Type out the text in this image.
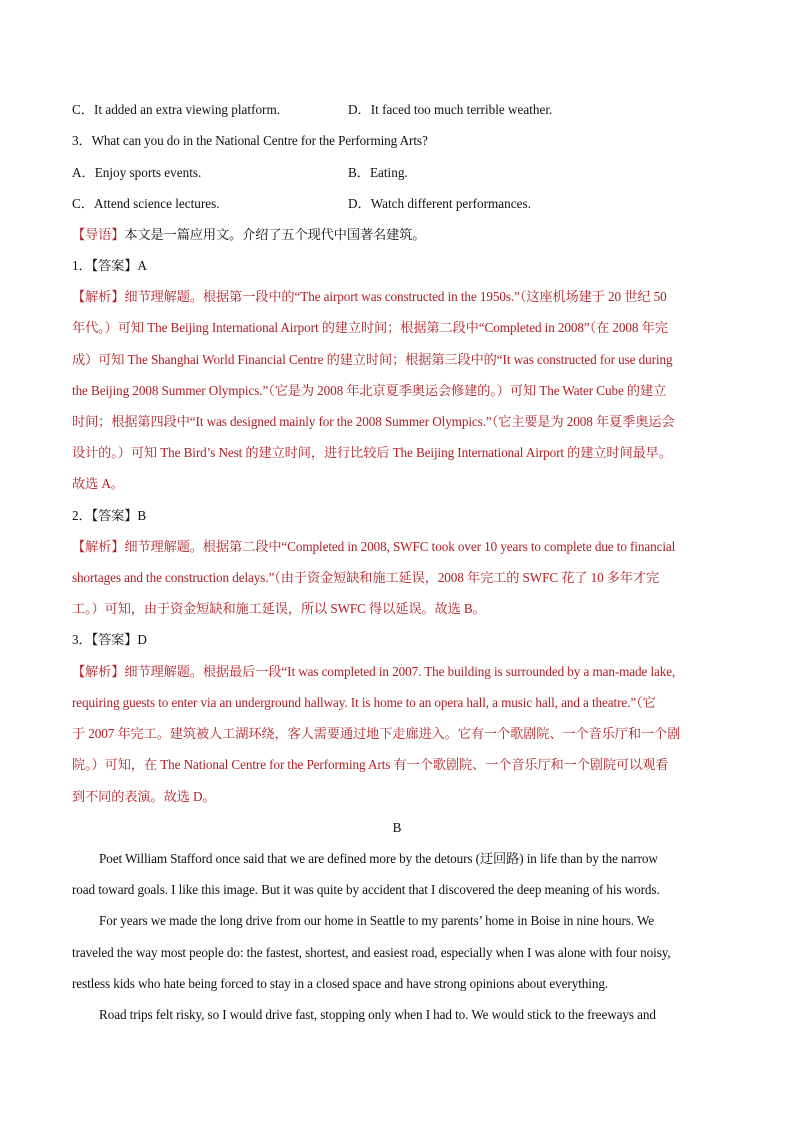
C．It added an extra viewing platform.	D．It faced too much terrible weather.
3．What can you do in the National Centre for the Performing Arts?
A．Enjoy sports events.	B．Eating.
C．Attend science lectures.	D．Watch different performances.
【导语】本文是一篇应用文。介绍了五个现代中国著名建筑。
1．【答案】A
【解析】细节理解题。根据第一段中的“The airport was constructed in the 1950s.”（这座机场建于 20 世纪 50
年代。）可知 The Beijing International Airport 的建立时间；根据第二段中“Completed in 2008”（在 2008 年完
成）可知 The Shanghai World Financial Centre 的建立时间；根据第三段中的“It was constructed for use during
the Beijing 2008 Summer Olympics.”（它是为 2008 年北京夏季奥运会修建的。）可知 The Water Cube 的建立
时间；根据第四段中“It was designed mainly for the 2008 Summer Olympics.”（它主要是为 2008 年夏季奥运会
设计的。）可知 The Bird’s Nest 的建立时间，进行比较后 The Beijing International Airport 的建立时间最早。
故选 A。
2．【答案】B
【解析】细节理解题。根据第二段中“Completed in 2008, SWFC took over 10 years to complete due to financial
shortages and the construction delays.”（由于资金短缺和施工延误，2008 年完工的 SWFC 花了 10 多年才完
工。）可知，由于资金短缺和施工延误，所以 SWFC 得以延误。故选 B。
3．【答案】D
【解析】细节理解题。根据最后一段“It was completed in 2007. The building is surrounded by a man-made lake,
requiring guests to enter via an underground hallway. It is home to an opera hall, a music hall, and a theatre.”（它
于 2007 年完工。建筑被人工湖环绕，客人需要通过地下走廊进入。它有一个歌剧院、一个音乐厅和一个剧
院。）可知，在 The National Centre for the Performing Arts 有一个歌剧院、一个音乐厅和一个剧院可以观看
到不同的表演。故选 D。
B
Poet William Stafford once said that we are defined more by the detours (迂回路) in life than by the narrow
road toward goals. I like this image. But it was quite by accident that I discovered the deep meaning of his words.
For years we made the long drive from our home in Seattle to my parents’ home in Boise in nine hours. We
traveled the way most people do: the fastest, shortest, and easiest road, especially when I was alone with four noisy,
restless kids who hate being forced to stay in a closed space and have strong opinions about everything.
Road trips felt risky, so I would drive fast, stopping only when I had to. We would stick to the freeways and
